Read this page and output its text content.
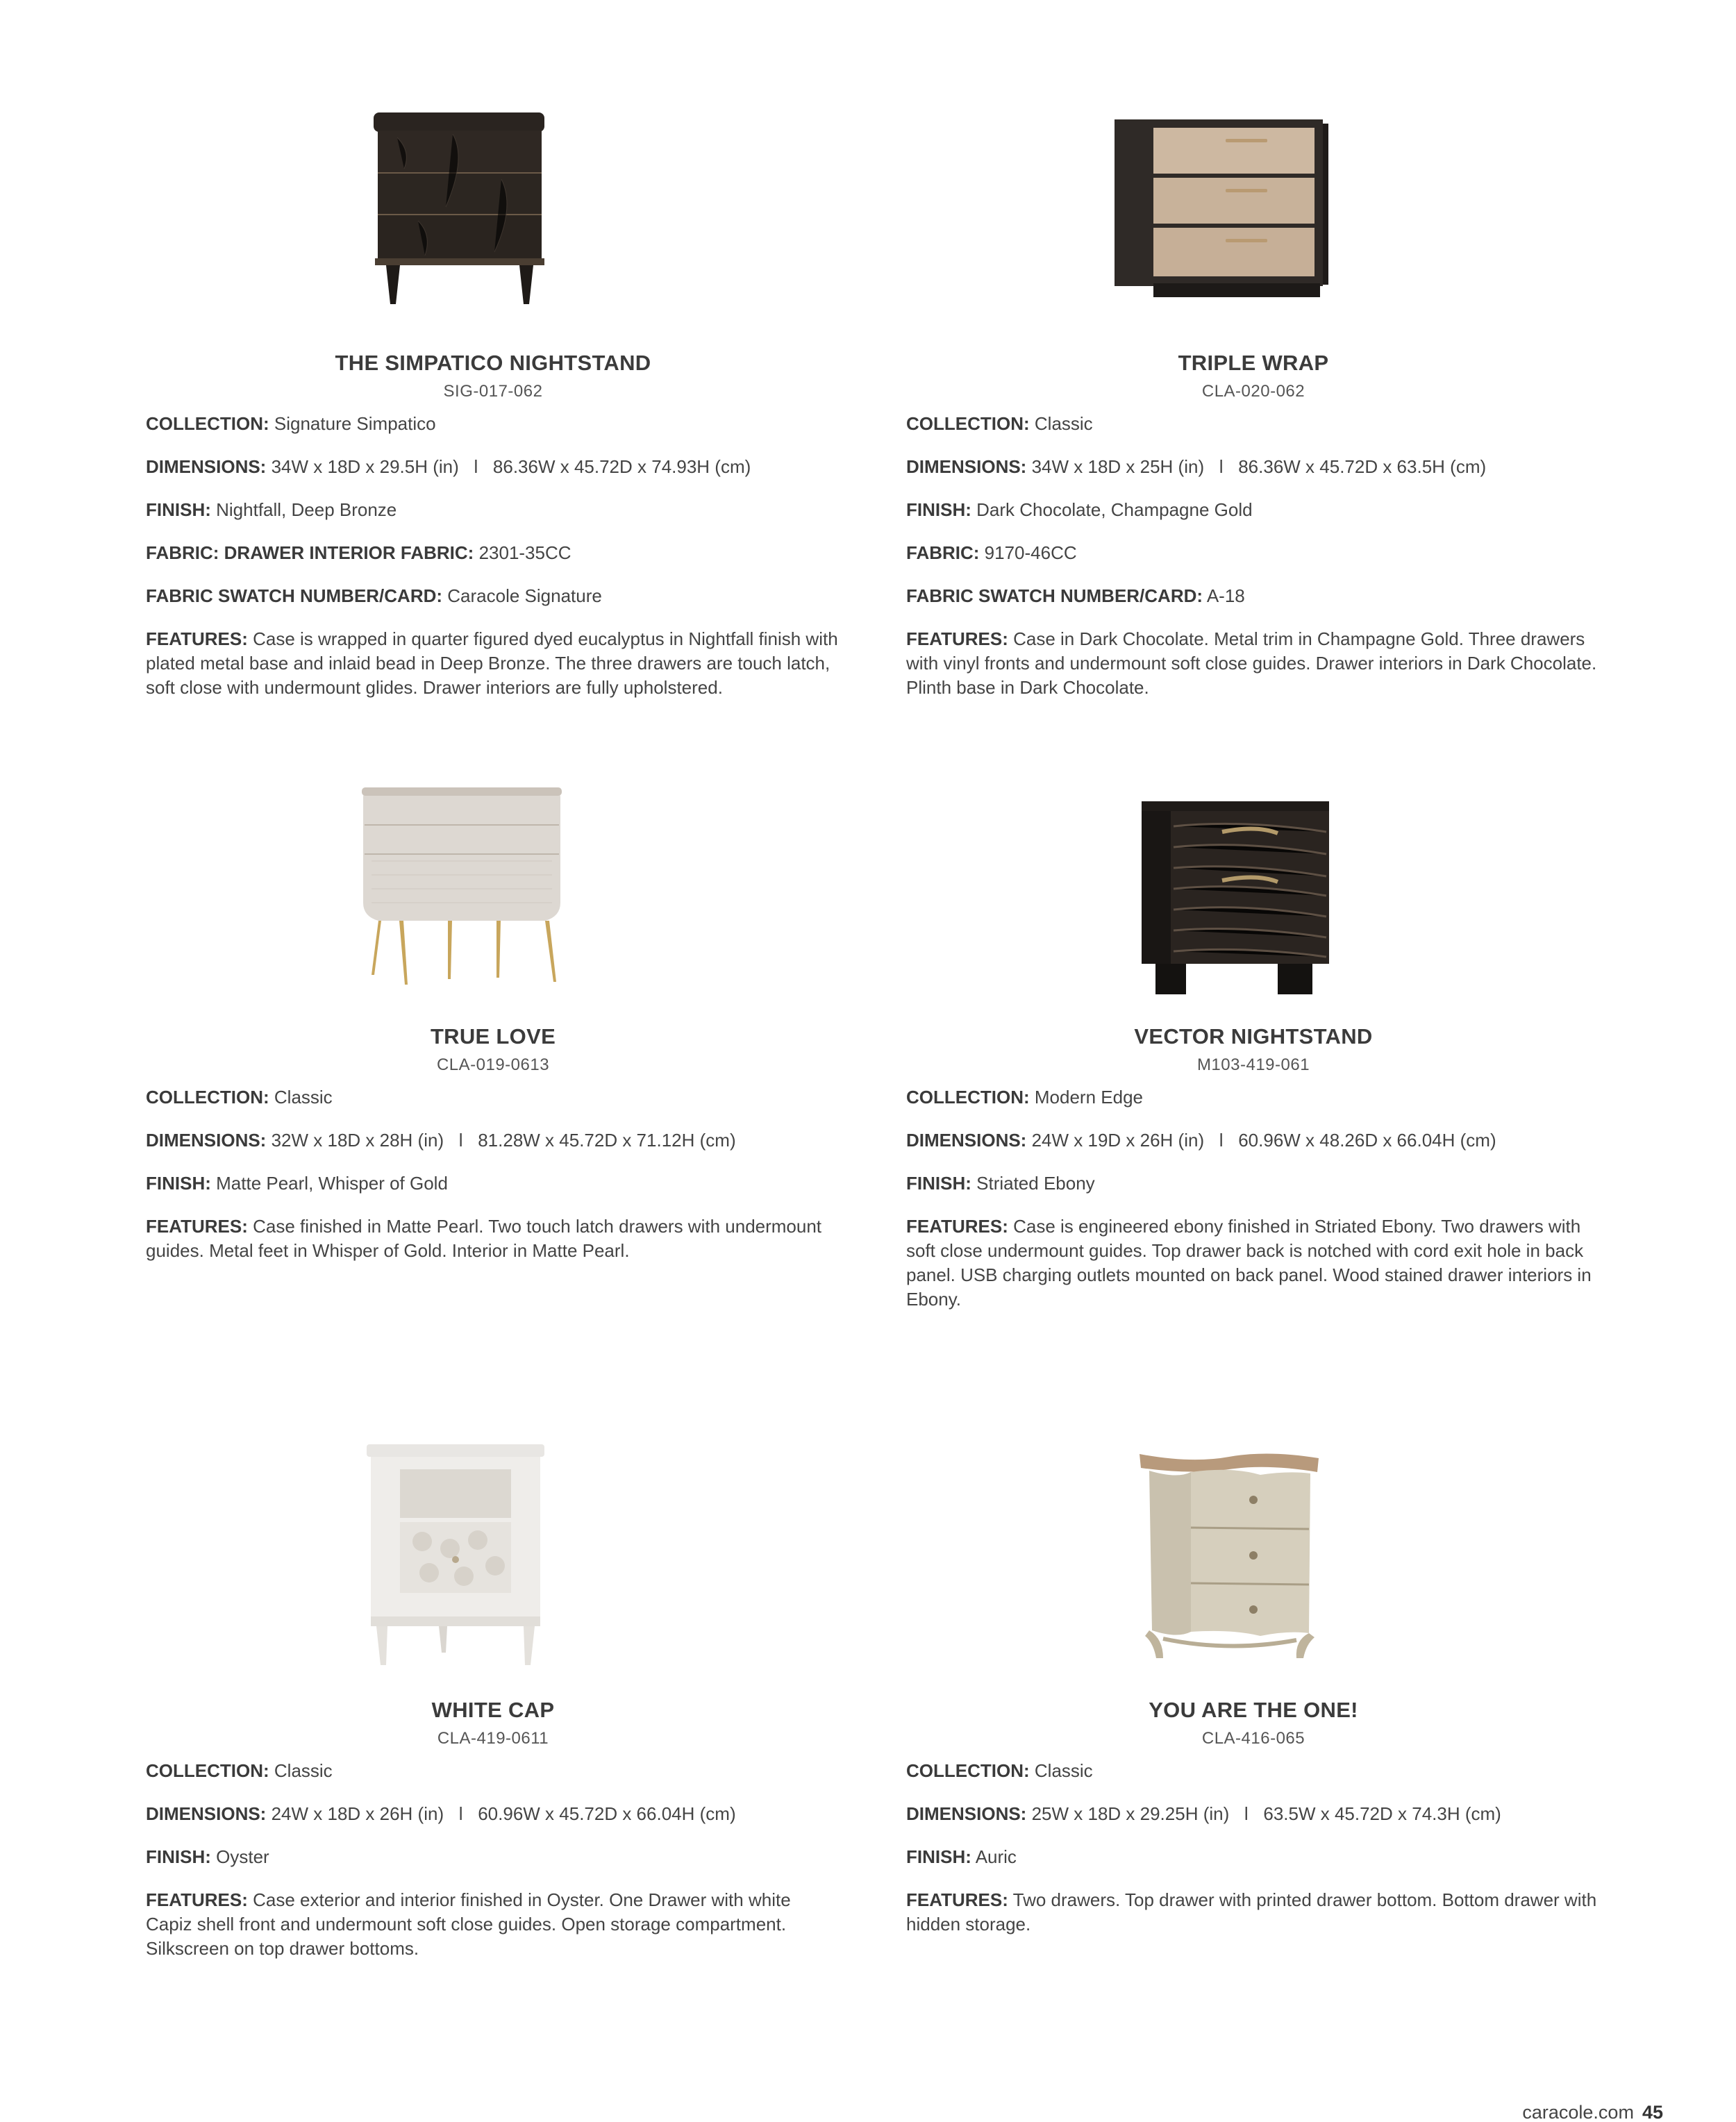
THE SIMPATICO NIGHTSTAND
SIG-017-062
COLLECTION: Signature Simpatico
DIMENSIONS: 34W x 18D x 29.5H (in)   l   86.36W x 45.72D x 74.93H (cm)
FINISH: Nightfall, Deep Bronze
FABRIC: DRAWER INTERIOR FABRIC: 2301-35CC
FABRIC SWATCH NUMBER/CARD: Caracole Signature
FEATURES: Case is wrapped in quarter figured dyed eucalyptus in Nightfall finish with plated metal base and inlaid bead in Deep Bronze. The three drawers are touch latch, soft close with undermount glides. Drawer interiors are fully upholstered.
TRIPLE WRAP
CLA-020-062
COLLECTION: Classic
DIMENSIONS: 34W x 18D x 25H (in)   l   86.36W x 45.72D x 63.5H (cm)
FINISH: Dark Chocolate, Champagne Gold
FABRIC: 9170-46CC
FABRIC SWATCH NUMBER/CARD: A-18
FEATURES: Case in Dark Chocolate. Metal trim in Champagne Gold. Three drawers with vinyl fronts and undermount soft close guides. Drawer interiors in Dark Chocolate. Plinth base in Dark Chocolate.
TRUE LOVE
CLA-019-0613
COLLECTION: Classic
DIMENSIONS: 32W x 18D x 28H (in)   l   81.28W x 45.72D x 71.12H (cm)
FINISH: Matte Pearl, Whisper of Gold
FEATURES: Case finished in Matte Pearl. Two touch latch drawers with undermount guides. Metal feet in Whisper of Gold. Interior in Matte Pearl.
VECTOR NIGHTSTAND
M103-419-061
COLLECTION: Modern Edge
DIMENSIONS: 24W x 19D x 26H (in)   l   60.96W x 48.26D x 66.04H (cm)
FINISH: Striated Ebony
FEATURES: Case is engineered ebony finished in Striated Ebony. Two drawers with soft close undermount guides. Top drawer back is notched with cord exit hole in back panel. USB charging outlets mounted on back panel. Wood stained drawer interiors in Ebony.
WHITE CAP
CLA-419-0611
COLLECTION: Classic
DIMENSIONS: 24W x 18D x 26H (in)   l   60.96W x 45.72D x 66.04H (cm)
FINISH: Oyster
FEATURES: Case exterior and interior finished in Oyster. One Drawer with white Capiz shell front and undermount soft close guides. Open storage compartment. Silkscreen on top drawer bottoms.
YOU ARE THE ONE!
CLA-416-065
COLLECTION: Classic
DIMENSIONS: 25W x 18D x 29.25H (in)   l   63.5W x 45.72D x 74.3H (cm)
FINISH: Auric
FEATURES: Two drawers. Top drawer with printed drawer bottom. Bottom drawer with hidden storage.
caracole.com 45
